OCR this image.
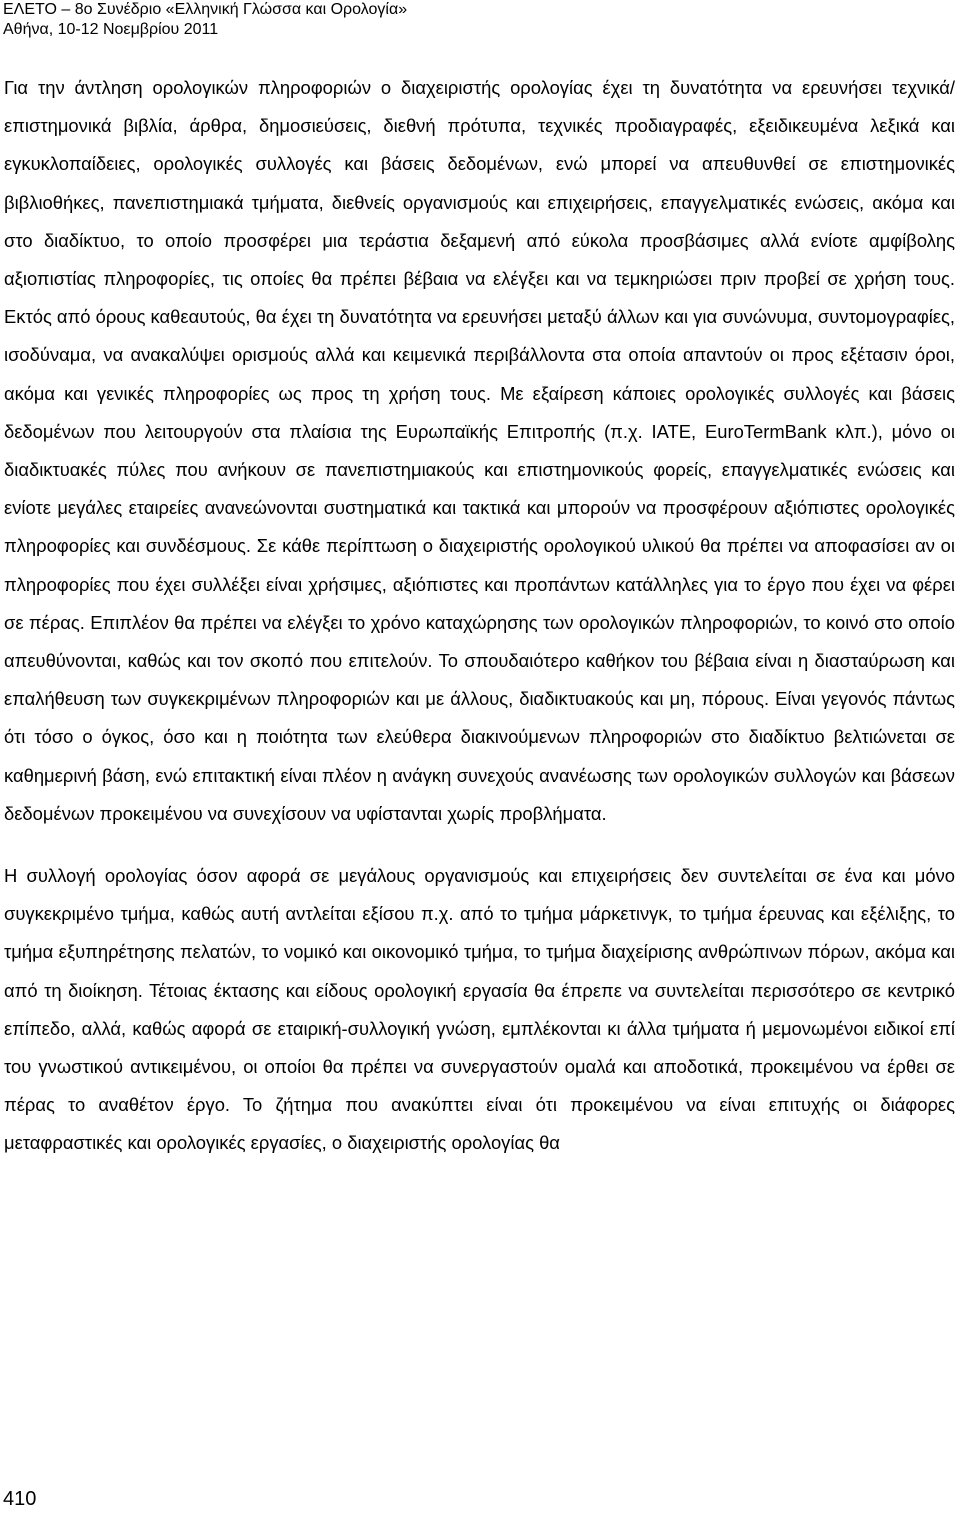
ΕΛΕΤΟ – 8ο Συνέδριο «Ελληνική Γλώσσα και Ορολογία»
Αθήνα, 10-12 Νοεμβρίου 2011

Για την άντληση ορολογικών πληροφοριών ο διαχειριστής ορολογίας έχει τη δυνατότητα να ερευνήσει τεχνικά/επιστημονικά βιβλία, άρθρα, δημοσιεύσεις, διεθνή πρότυπα, τεχνικές προδιαγραφές, εξειδικευμένα λεξικά και εγκυκλοπαίδειες, ορολογικές συλλογές και βάσεις δεδομένων, ενώ μπορεί να απευθυνθεί σε επιστημονικές βιβλιοθήκες, πανεπιστημιακά τμήματα, διεθνείς οργανισμούς και επιχειρήσεις, επαγγελματικές ενώσεις, ακόμα και στο διαδίκτυο, το οποίο προσφέρει μια τεράστια δεξαμενή από εύκολα προσβάσιμες αλλά ενίοτε αμφίβολης αξιοπιστίας πληροφορίες, τις οποίες θα πρέπει βέβαια να ελέγξει και να τεμκηριώσει πριν προβεί σε χρήση τους. Εκτός από όρους καθεαυτούς, θα έχει τη δυνατότητα να ερευνήσει μεταξύ άλλων και για συνώνυμα, συντομογραφίες, ισοδύναμα, να ανακαλύψει ορισμούς αλλά και κειμενικά περιβάλλοντα στα οποία απαντούν οι προς εξέτασιν όροι, ακόμα και γενικές πληροφορίες ως προς τη χρήση τους. Με εξαίρεση κάποιες ορολογικές συλλογές και βάσεις δεδομένων που λειτουργούν στα πλαίσια της Ευρωπαϊκής Επιτροπής (π.χ. IATE, EuroTermBank κλπ.), μόνο οι διαδικτυακές πύλες που ανήκουν σε πανεπιστημιακούς και επιστημονικούς φορείς, επαγγελματικές ενώσεις και ενίοτε μεγάλες εταιρείες ανανεώνονται συστηματικά και τακτικά και μπορούν να προσφέρουν αξιόπιστες ορολογικές πληροφορίες και συνδέσμους. Σε κάθε περίπτωση ο διαχειριστής ορολογικού υλικού θα πρέπει να αποφασίσει αν οι πληροφορίες που έχει συλλέξει είναι χρήσιμες, αξιόπιστες και προπάντων κατάλληλες για το έργο που έχει να φέρει σε πέρας. Επιπλέον θα πρέπει να ελέγξει το χρόνο καταχώρησης των ορολογικών πληροφοριών, το κοινό στο οποίο απευθύνονται, καθώς και τον σκοπό που επιτελούν. Το σπουδαιότερο καθήκον του βέβαια είναι η διασταύρωση και επαλήθευση των συγκεκριμένων πληροφοριών και με άλλους, διαδικτυακούς και μη, πόρους. Είναι γεγονός πάντως ότι τόσο ο όγκος, όσο και η ποιότητα των ελεύθερα διακινούμενων πληροφοριών στο διαδίκτυο βελτιώνεται σε καθημερινή βάση, ενώ επιτακτική είναι πλέον η ανάγκη συνεχούς ανανέωσης των ορολογικών συλλογών και βάσεων δεδομένων προκειμένου να συνεχίσουν να υφίστανται χωρίς προβλήματα.

Η συλλογή ορολογίας όσον αφορά σε μεγάλους οργανισμούς και επιχειρήσεις δεν συντελείται σε ένα και μόνο συγκεκριμένο τμήμα, καθώς αυτή αντλείται εξίσου π.χ. από το τμήμα μάρκετινγκ, το τμήμα έρευνας και εξέλιξης, το τμήμα εξυπηρέτησης πελατών, το νομικό και οικονομικό τμήμα, το τμήμα διαχείρισης ανθρώπινων πόρων, ακόμα και από τη διοίκηση. Τέτοιας έκτασης και είδους ορολογική εργασία θα έπρεπε να συντελείται περισσότερο σε κεντρικό επίπεδο, αλλά, καθώς αφορά σε εταιρική-συλλογική γνώση, εμπλέκονται κι άλλα τμήματα ή μεμονωμένοι ειδικοί επί του γνωστικού αντικειμένου, οι οποίοι θα πρέπει να συνεργαστούν ομαλά και αποδοτικά, προκειμένου να έρθει σε πέρας το αναθέτον έργο. Το ζήτημα που ανακύπτει είναι ότι προκειμένου να είναι επιτυχής οι διάφορες μεταφραστικές και ορολογικές εργασίες, ο διαχειριστής ορολογίας θα

410
